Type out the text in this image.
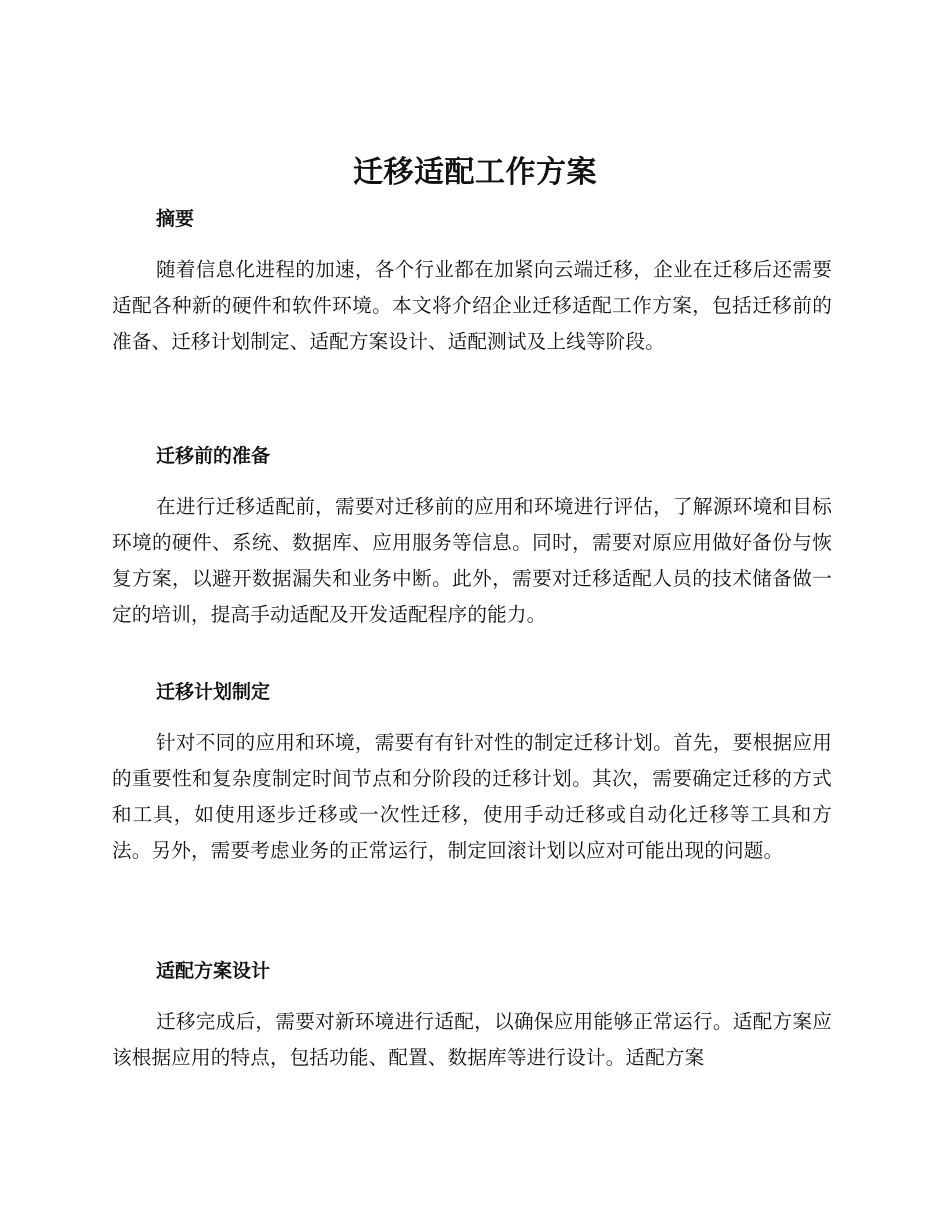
迁移适配工作方案
摘要

随着信息化进程的加速，各个行业都在加紧向云端迁移，企业在迁移后还需要适配各种新的硬件和软件环境。本文将介绍企业迁移适配工作方案，包括迁移前的准备、迁移计划制定、适配方案设计、适配测试及上线等阶段。

迁移前的准备

在进行迁移适配前，需要对迁移前的应用和环境进行评估，了解源环境和目标环境的硬件、系统、数据库、应用服务等信息。同时，需要对原应用做好备份与恢复方案，以避开数据漏失和业务中断。此外，需要对迁移适配人员的技术储备做一定的培训，提高手动适配及开发适配程序的能力。

迁移计划制定

针对不同的应用和环境，需要有有针对性的制定迁移计划。首先，要根据应用的重要性和复杂度制定时间节点和分阶段的迁移计划。其次，需要确定迁移的方式和工具，如使用逐步迁移或一次性迁移，使用手动迁移或自动化迁移等工具和方法。另外，需要考虑业务的正常运行，制定回滚计划以应对可能出现的问题。

适配方案设计

迁移完成后，需要对新环境进行适配，以确保应用能够正常运行。适配方案应该根据应用的特点，包括功能、配置、数据库等进行设计。适配方案
